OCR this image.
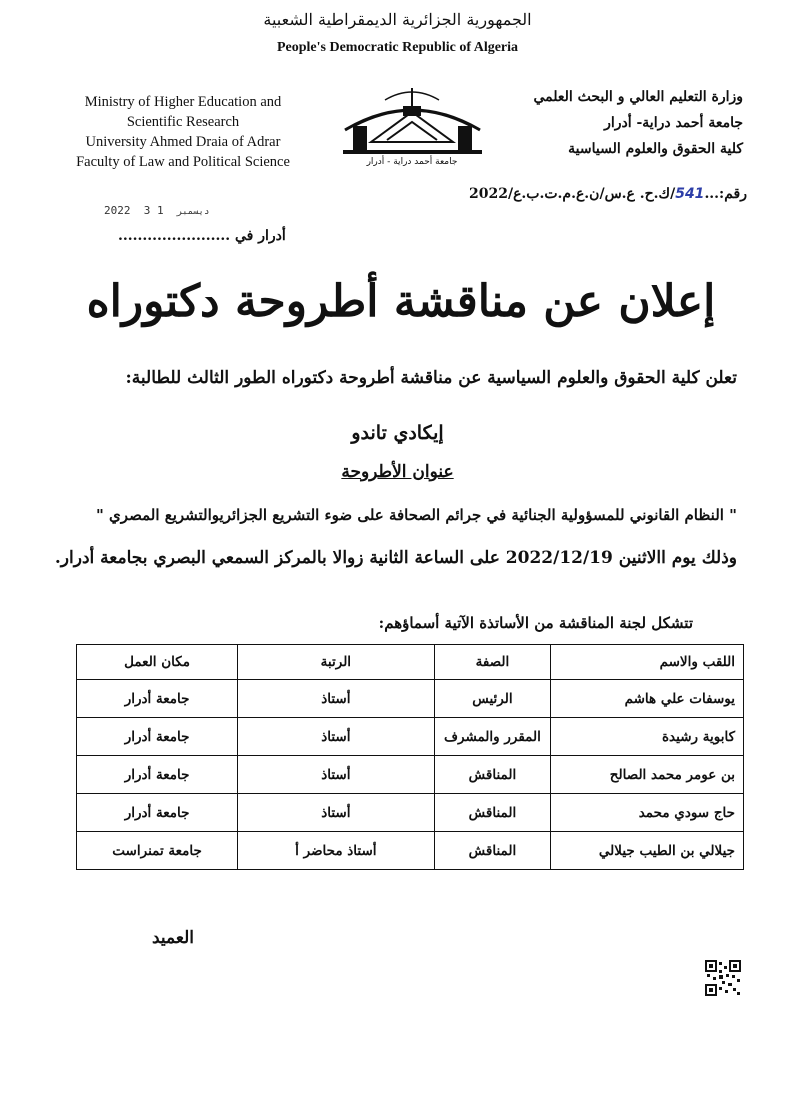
الجمهورية الجزائرية الديمقراطية الشعبية
People's Democratic Republic of Algeria
Ministry of Higher Education and
Scientific Research
University Ahmed Draia of Adrar
Faculty of Law and Political Science	جامعة أحمد دراية - أدرار
وزارة التعليم العالي و البحث العلمي
جامعة أحمد دراية- أدرار
كلية الحقوق والعلوم السياسية
رقم:...541/ك.ح. ع.س/ن.ع.م.ت.ب.ع/2022
2022	ديسمبر  1 3
أدرار في .......................
إعلان عن مناقشة أطروحة دكتوراه
تعلن كلية الحقوق والعلوم السياسية عن مناقشة أطروحة دكتوراه الطور الثالث للطالبة:
إيكادي تاندو
عنوان الأطروحة
" النظام القانوني للمسؤولية الجنائية في جرائم الصحافة على ضوء التشريع الجزائريوالتشريع المصري "
وذلك يوم االاثنين 2022/12/19 على الساعة الثانية زوالا بالمركز السمعي البصري بجامعة أدرار.
تتشكل لجنة المناقشة من الأساتذة الآتية أسماؤهم:
اللقب والاسم	الصفة	الرتبة	مكان العمل
يوسفات علي هاشم	الرئيس	أستاذ	جامعة أدرار
كابوية رشيدة	المقرر والمشرف	أستاذ	جامعة أدرار
بن عومر محمد الصالح	المناقش	أستاذ	جامعة أدرار
حاج سودي محمد	المناقش	أستاذ	جامعة أدرار
جيلالي بن الطيب جيلالي	المناقش	أستاذ محاضر أ	جامعة تمنراست
العميد
